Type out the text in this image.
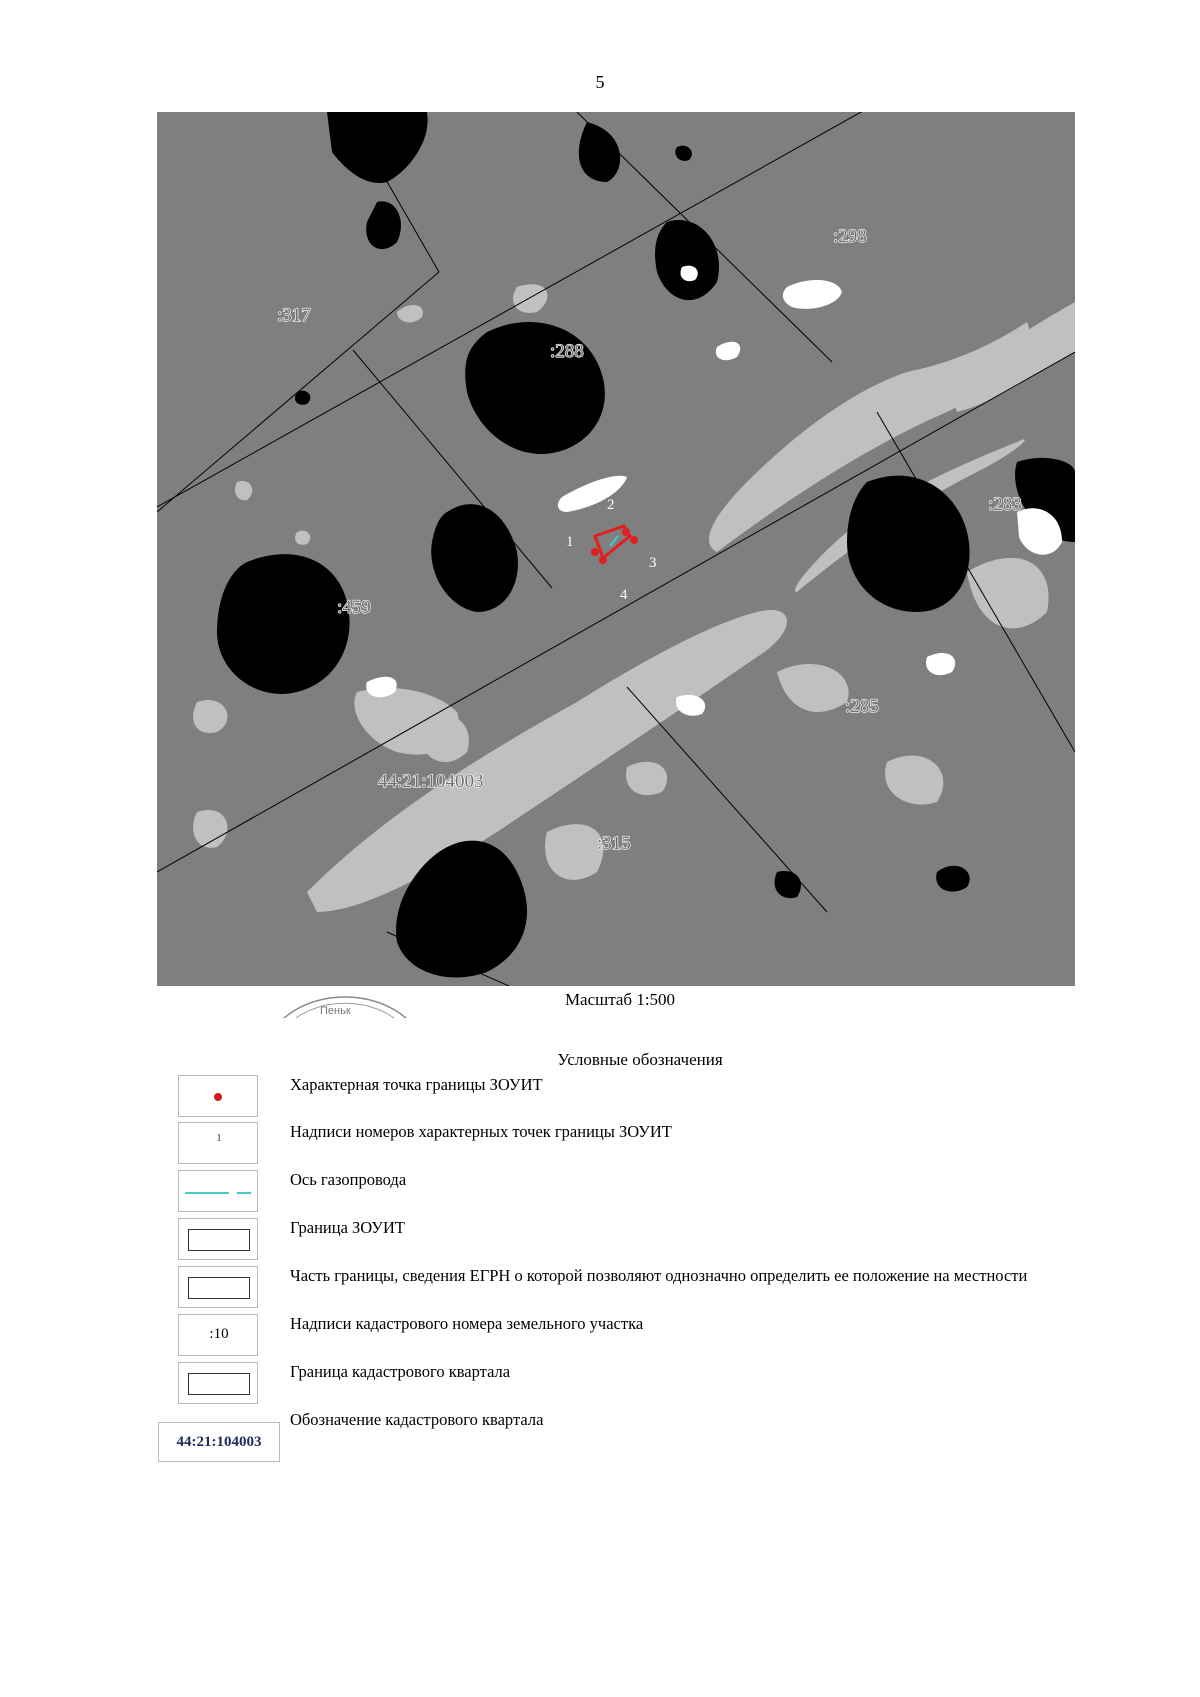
5
:317
:298
:288
:283
:459
:285
:315
44:21:104003
1
2
3
4
Пеньк
Масштаб 1:500
Условные обозначения
Характерная точка границы ЗОУИТ
1	Надписи номеров характерных точек границы ЗОУИТ
Ось газопровода
Граница ЗОУИТ
Часть границы, сведения ЕГРН о которой позволяют однозначно определить ее положение на местности
:10
Надписи кадастрового номера земельного участка
Граница кадастрового квартала
44:21:104003
Обозначение кадастрового квартала
